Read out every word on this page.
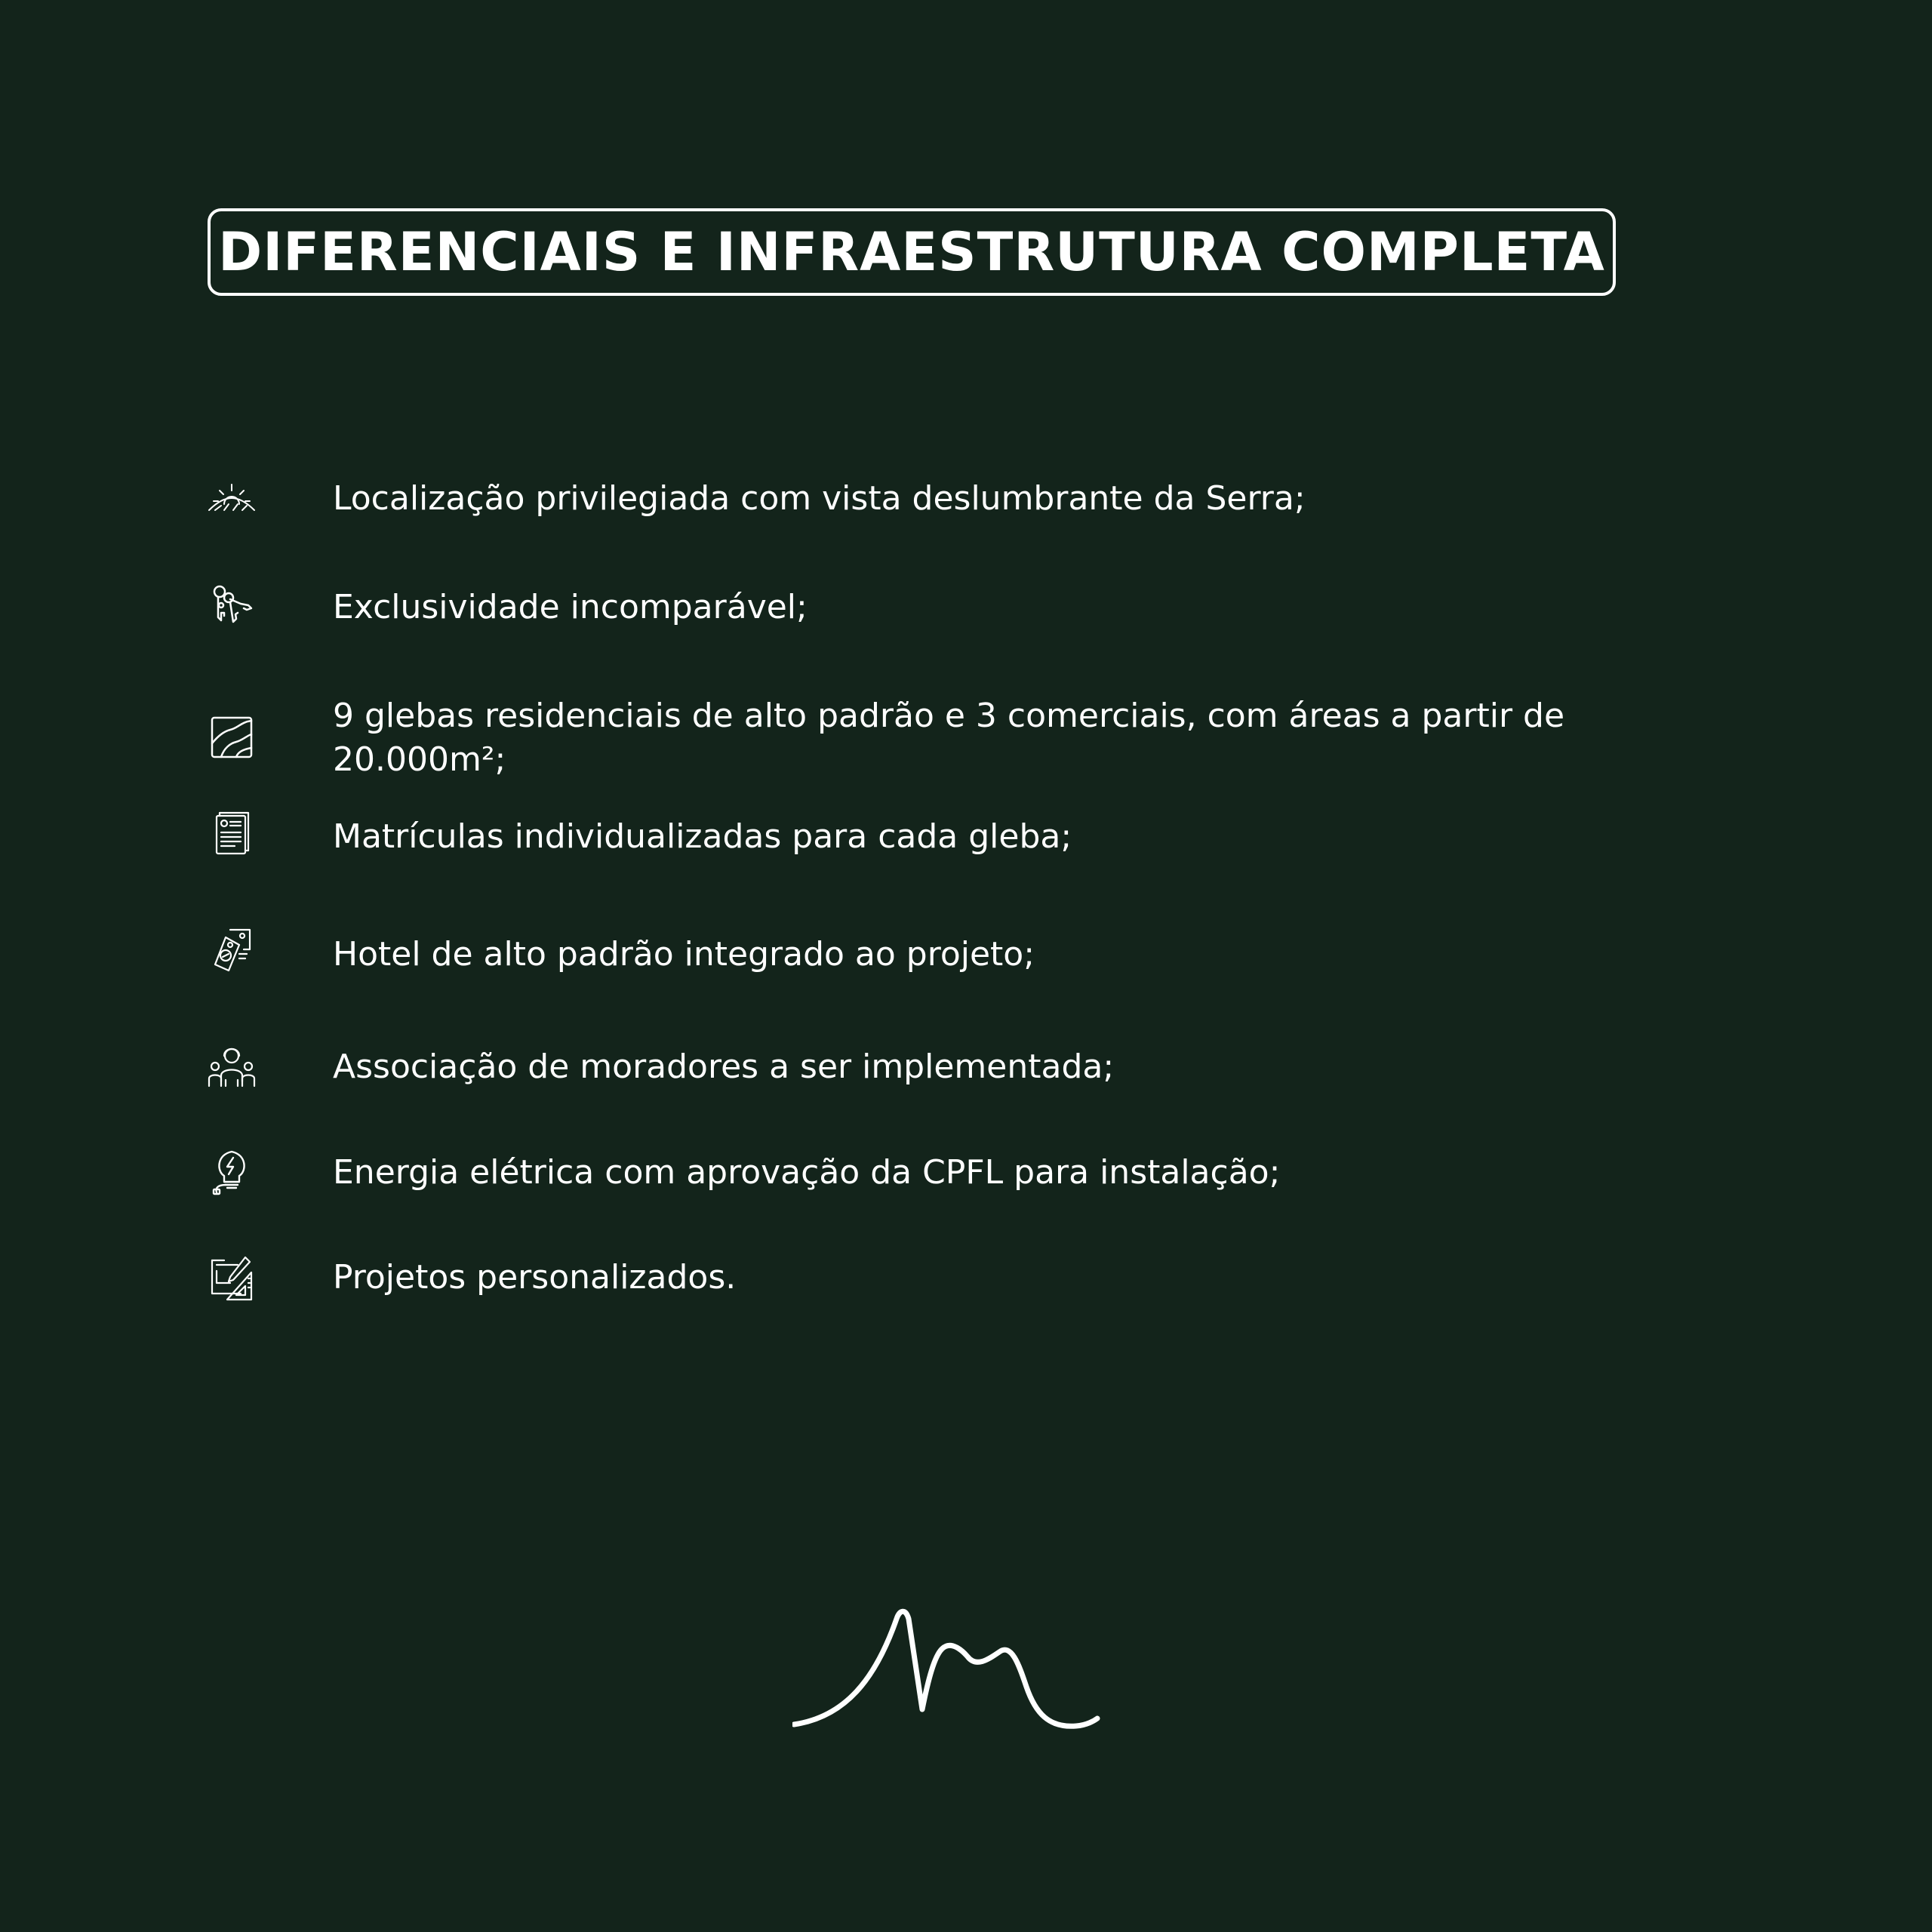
DIFERENCIAIS E INFRAESTRUTURA COMPLETA
Localização privilegiada com vista deslumbrante da Serra;
Exclusividade incomparável;
9 glebas residenciais de alto padrão e 3 comerciais, com áreas a partir de 20.000m²;
Matrículas individualizadas para cada gleba;
Hotel de alto padrão integrado ao projeto;
Associação de moradores a ser implementada;
Energia elétrica com aprovação da CPFL para instalação;
Projetos personalizados.
